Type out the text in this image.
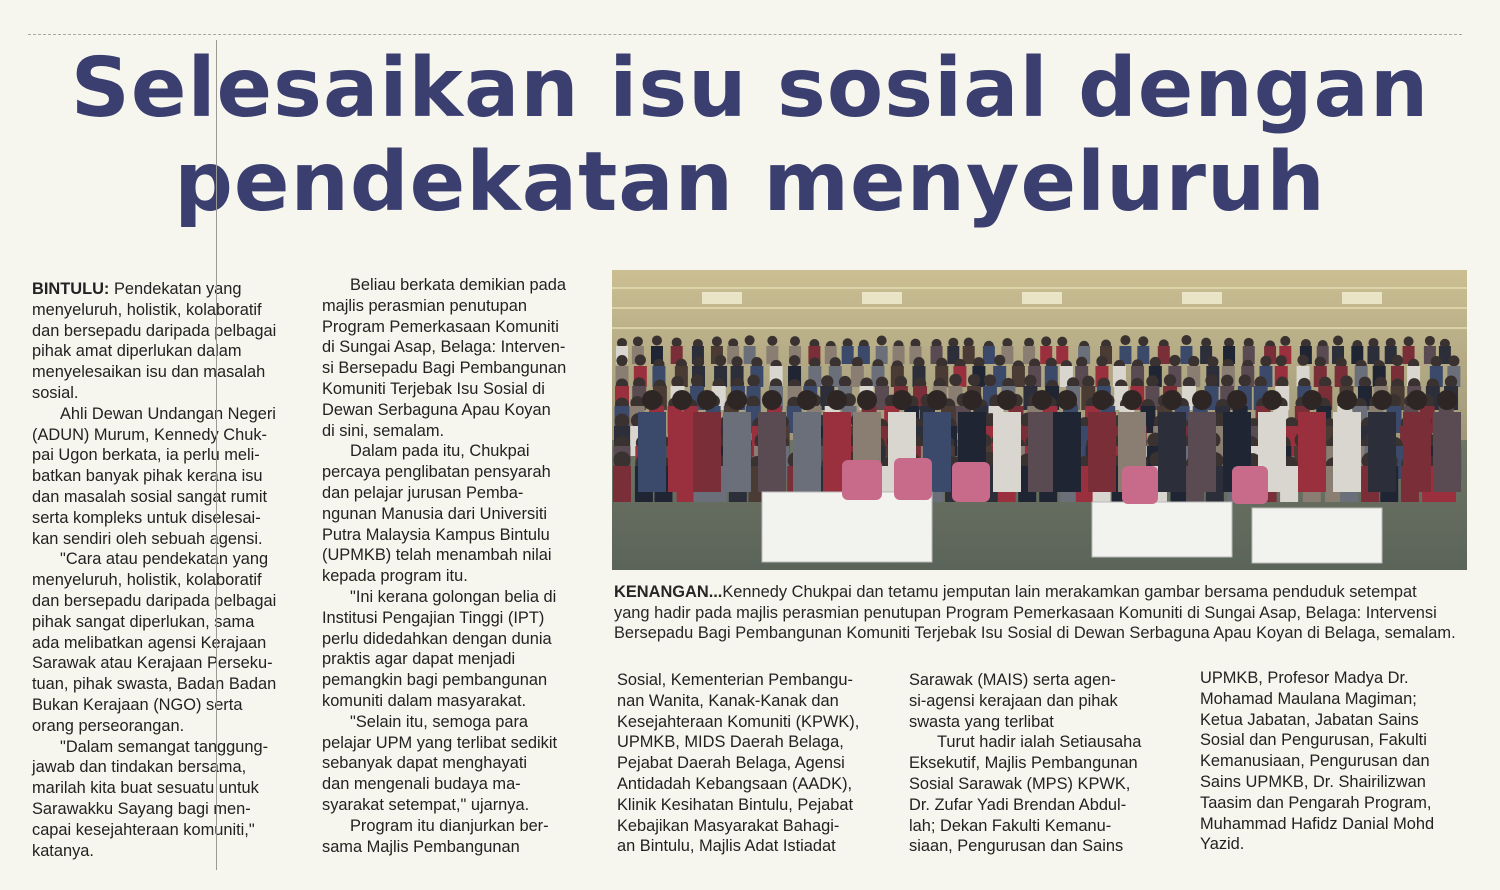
Selesaikan isu sosial dengan
pendekatan menyeluruh

BINTULU: Pendekatan yang

menyeluruh, holistik, kolaboratif

dan bersepadu daripada pelbagai

pihak amat diperlukan dalam

menyelesaikan isu dan masalah

sosial.

Ahli Dewan Undangan Negeri

(ADUN) Murum, Kennedy Chuk-

pai Ugon berkata, ia perlu meli-

batkan banyak pihak kerana isu

dan masalah sosial sangat rumit

serta kompleks untuk diselesai-

kan sendiri oleh sebuah agensi.

"Cara atau pendekatan yang

menyeluruh, holistik, kolaboratif

dan bersepadu daripada pelbagai

pihak sangat diperlukan, sama

ada melibatkan agensi Kerajaan

Sarawak atau Kerajaan Perseku-

tuan, pihak swasta, Badan Badan

Bukan Kerajaan (NGO) serta

orang perseorangan.

"Dalam semangat tanggung-

jawab dan tindakan bersama,

marilah kita buat sesuatu untuk

Sarawakku Sayang bagi men-

capai kesejahteraan komuniti,"

katanya.

Beliau berkata demikian pada

majlis perasmian penutupan

Program Pemerkasaan Komuniti

di Sungai Asap, Belaga: Interven-

si Bersepadu Bagi Pembangunan

Komuniti Terjebak Isu Sosial di

Dewan Serbaguna Apau Koyan

di sini, semalam.

Dalam pada itu, Chukpai

percaya penglibatan pensyarah

dan pelajar jurusan Pemba-

ngunan Manusia dari Universiti

Putra Malaysia Kampus Bintulu

(UPMKB) telah menambah nilai

kepada program itu.

"Ini kerana golongan belia di

Institusi Pengajian Tinggi (IPT)

perlu didedahkan dengan dunia

praktis agar dapat menjadi

pemangkin bagi pembangunan

komuniti dalam masyarakat.

"Selain itu, semoga para

pelajar UPM yang terlibat sedikit

sebanyak dapat menghayati

dan mengenali budaya ma-

syarakat setempat," ujarnya.

Program itu dianjurkan ber-

sama Majlis Pembangunan

KENANGAN...Kennedy Chukpai dan tetamu jemputan lain merakamkan gambar bersama penduduk setempat
yang hadir pada majlis perasmian penutupan Program Pemerkasaan Komuniti di Sungai Asap, Belaga: Intervensi
Bersepadu Bagi Pembangunan Komuniti Terjebak Isu Sosial di Dewan Serbaguna Apau Koyan di Belaga, semalam.

Sosial, Kementerian Pembangu-

nan Wanita, Kanak-Kanak dan

Kesejahteraan Komuniti (KPWK),

UPMKB, MIDS Daerah Belaga,

Pejabat Daerah Belaga, Agensi

Antidadah Kebangsaan (AADK),

Klinik Kesihatan Bintulu, Pejabat

Kebajikan Masyarakat Bahagi-

an Bintulu, Majlis Adat Istiadat

Sarawak (MAIS) serta agen-

si-agensi kerajaan dan pihak

swasta yang terlibat

Turut hadir ialah Setiausaha

Eksekutif, Majlis Pembangunan

Sosial Sarawak (MPS) KPWK,

Dr. Zufar Yadi Brendan Abdul-

lah; Dekan Fakulti Kemanu-

siaan, Pengurusan dan Sains

UPMKB, Profesor Madya Dr.

Mohamad Maulana Magiman;

Ketua Jabatan, Jabatan Sains

Sosial dan Pengurusan, Fakulti

Kemanusiaan, Pengurusan dan

Sains UPMKB, Dr. Shairilizwan

Taasim dan Pengarah Program,

Muhammad Hafidz Danial Mohd

Yazid.
